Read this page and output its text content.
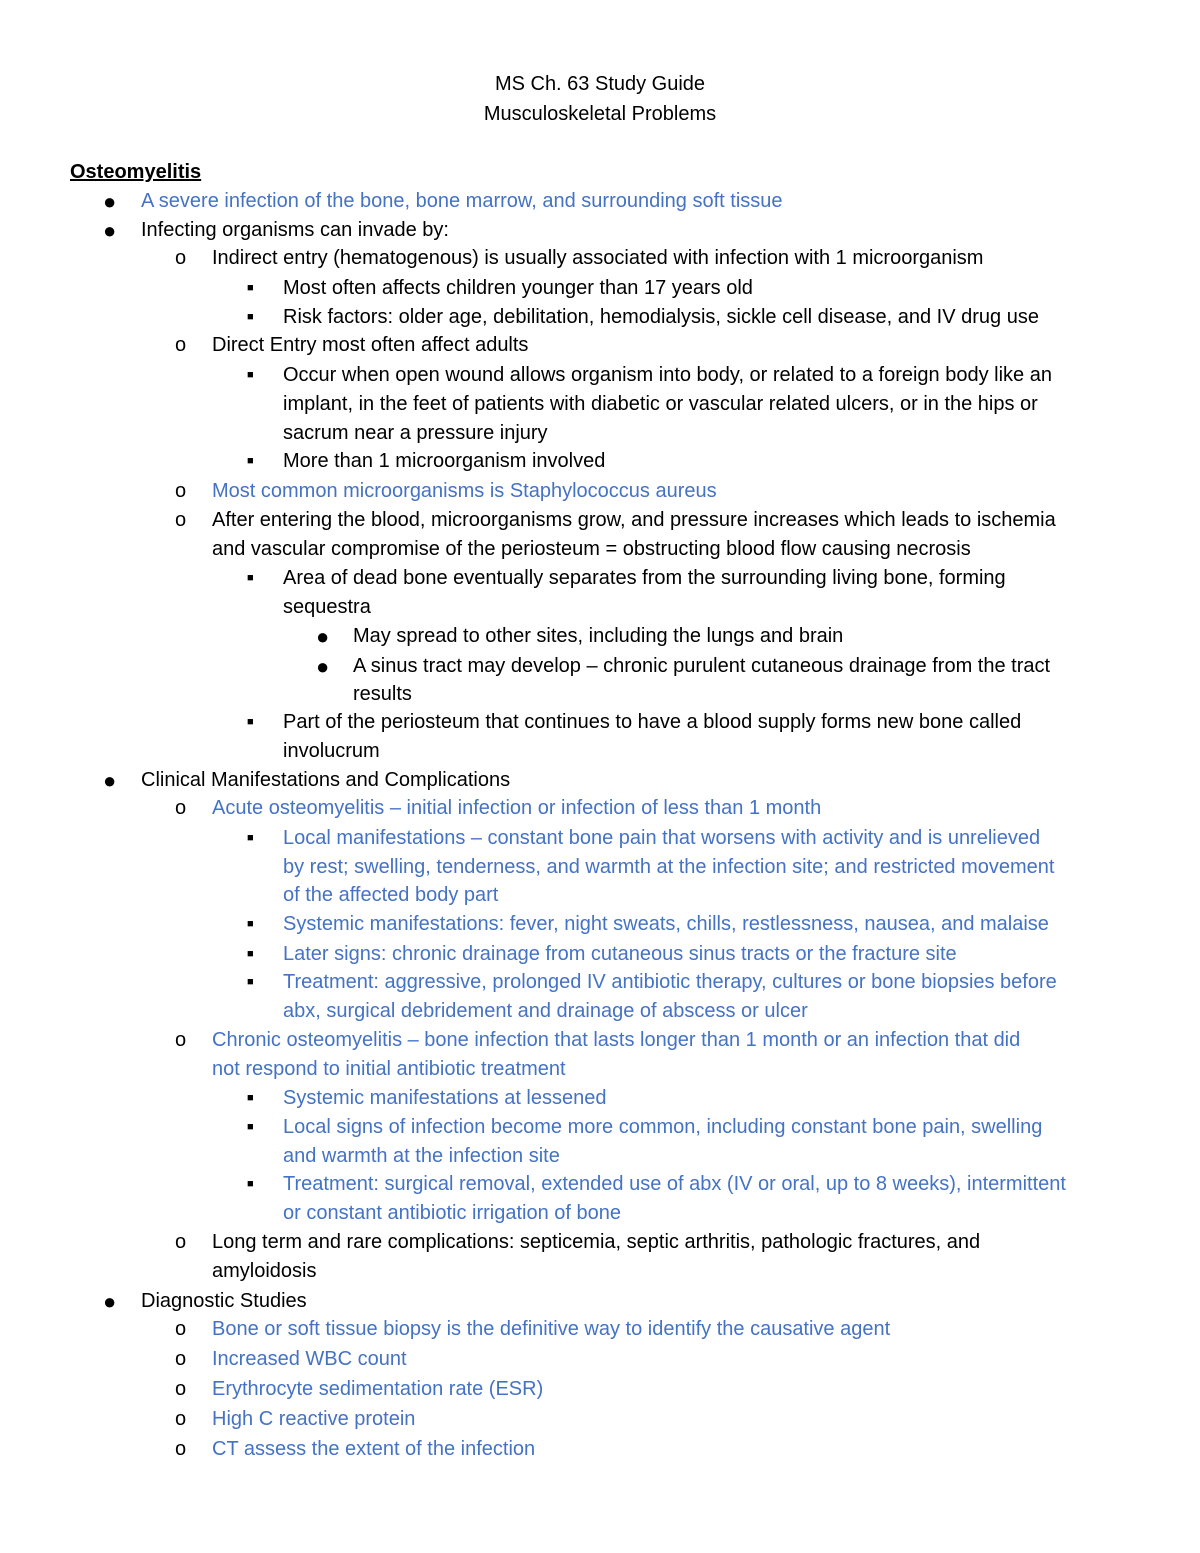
MS Ch. 63 Study Guide
Musculoskeletal Problems
Osteomyelitis
●
●
o
■
■
o
■
■
o
o
■
●
●
■
●
o
■
■
■
■
o
■
■
■
o
●
o
o
o
o
o
A severe infection of the bone, bone marrow, and surrounding soft tissue
Infecting organisms can invade by:
Indirect entry (hematogenous) is usually associated with infection with 1 microorganism
Most often affects children younger than 17 years old
Risk factors: older age, debilitation, hemodialysis, sickle cell disease, and IV drug use
Direct Entry most often affect adults
Occur when open wound allows organism into body, or related to a foreign body like an
implant, in the feet of patients with diabetic or vascular related ulcers, or in the hips or
sacrum near a pressure injury
More than 1 microorganism involved
Most common microorganisms is Staphylococcus aureus
After entering the blood, microorganisms grow, and pressure increases which leads to ischemia
and vascular compromise of the periosteum = obstructing blood flow causing necrosis
Area of dead bone eventually separates from the surrounding living bone, forming
sequestra
May spread to other sites, including the lungs and brain
A sinus tract may develop – chronic purulent cutaneous drainage from the tract
results
Part of the periosteum that continues to have a blood supply forms new bone called
involucrum
Clinical Manifestations and Complications
Acute osteomyelitis – initial infection or infection of less than 1 month
Local manifestations – constant bone pain that worsens with activity and is unrelieved
by rest; swelling, tenderness, and warmth at the infection site; and restricted movement
of the affected body part
Systemic manifestations: fever, night sweats, chills, restlessness, nausea, and malaise
Later signs: chronic drainage from cutaneous sinus tracts or the fracture site
Treatment: aggressive, prolonged IV antibiotic therapy, cultures or bone biopsies before
abx, surgical debridement and drainage of abscess or ulcer
Chronic osteomyelitis – bone infection that lasts longer than 1 month or an infection that did
not respond to initial antibiotic treatment
Systemic manifestations at lessened
Local signs of infection become more common, including constant bone pain, swelling
and warmth at the infection site
Treatment: surgical removal, extended use of abx (IV or oral, up to 8 weeks), intermittent
or constant antibiotic irrigation of bone
Long term and rare complications: septicemia, septic arthritis, pathologic fractures, and
amyloidosis
Diagnostic Studies
Bone or soft tissue biopsy is the definitive way to identify the causative agent
Increased WBC count
Erythrocyte sedimentation rate (ESR)
High C reactive protein
CT assess the extent of the infection
